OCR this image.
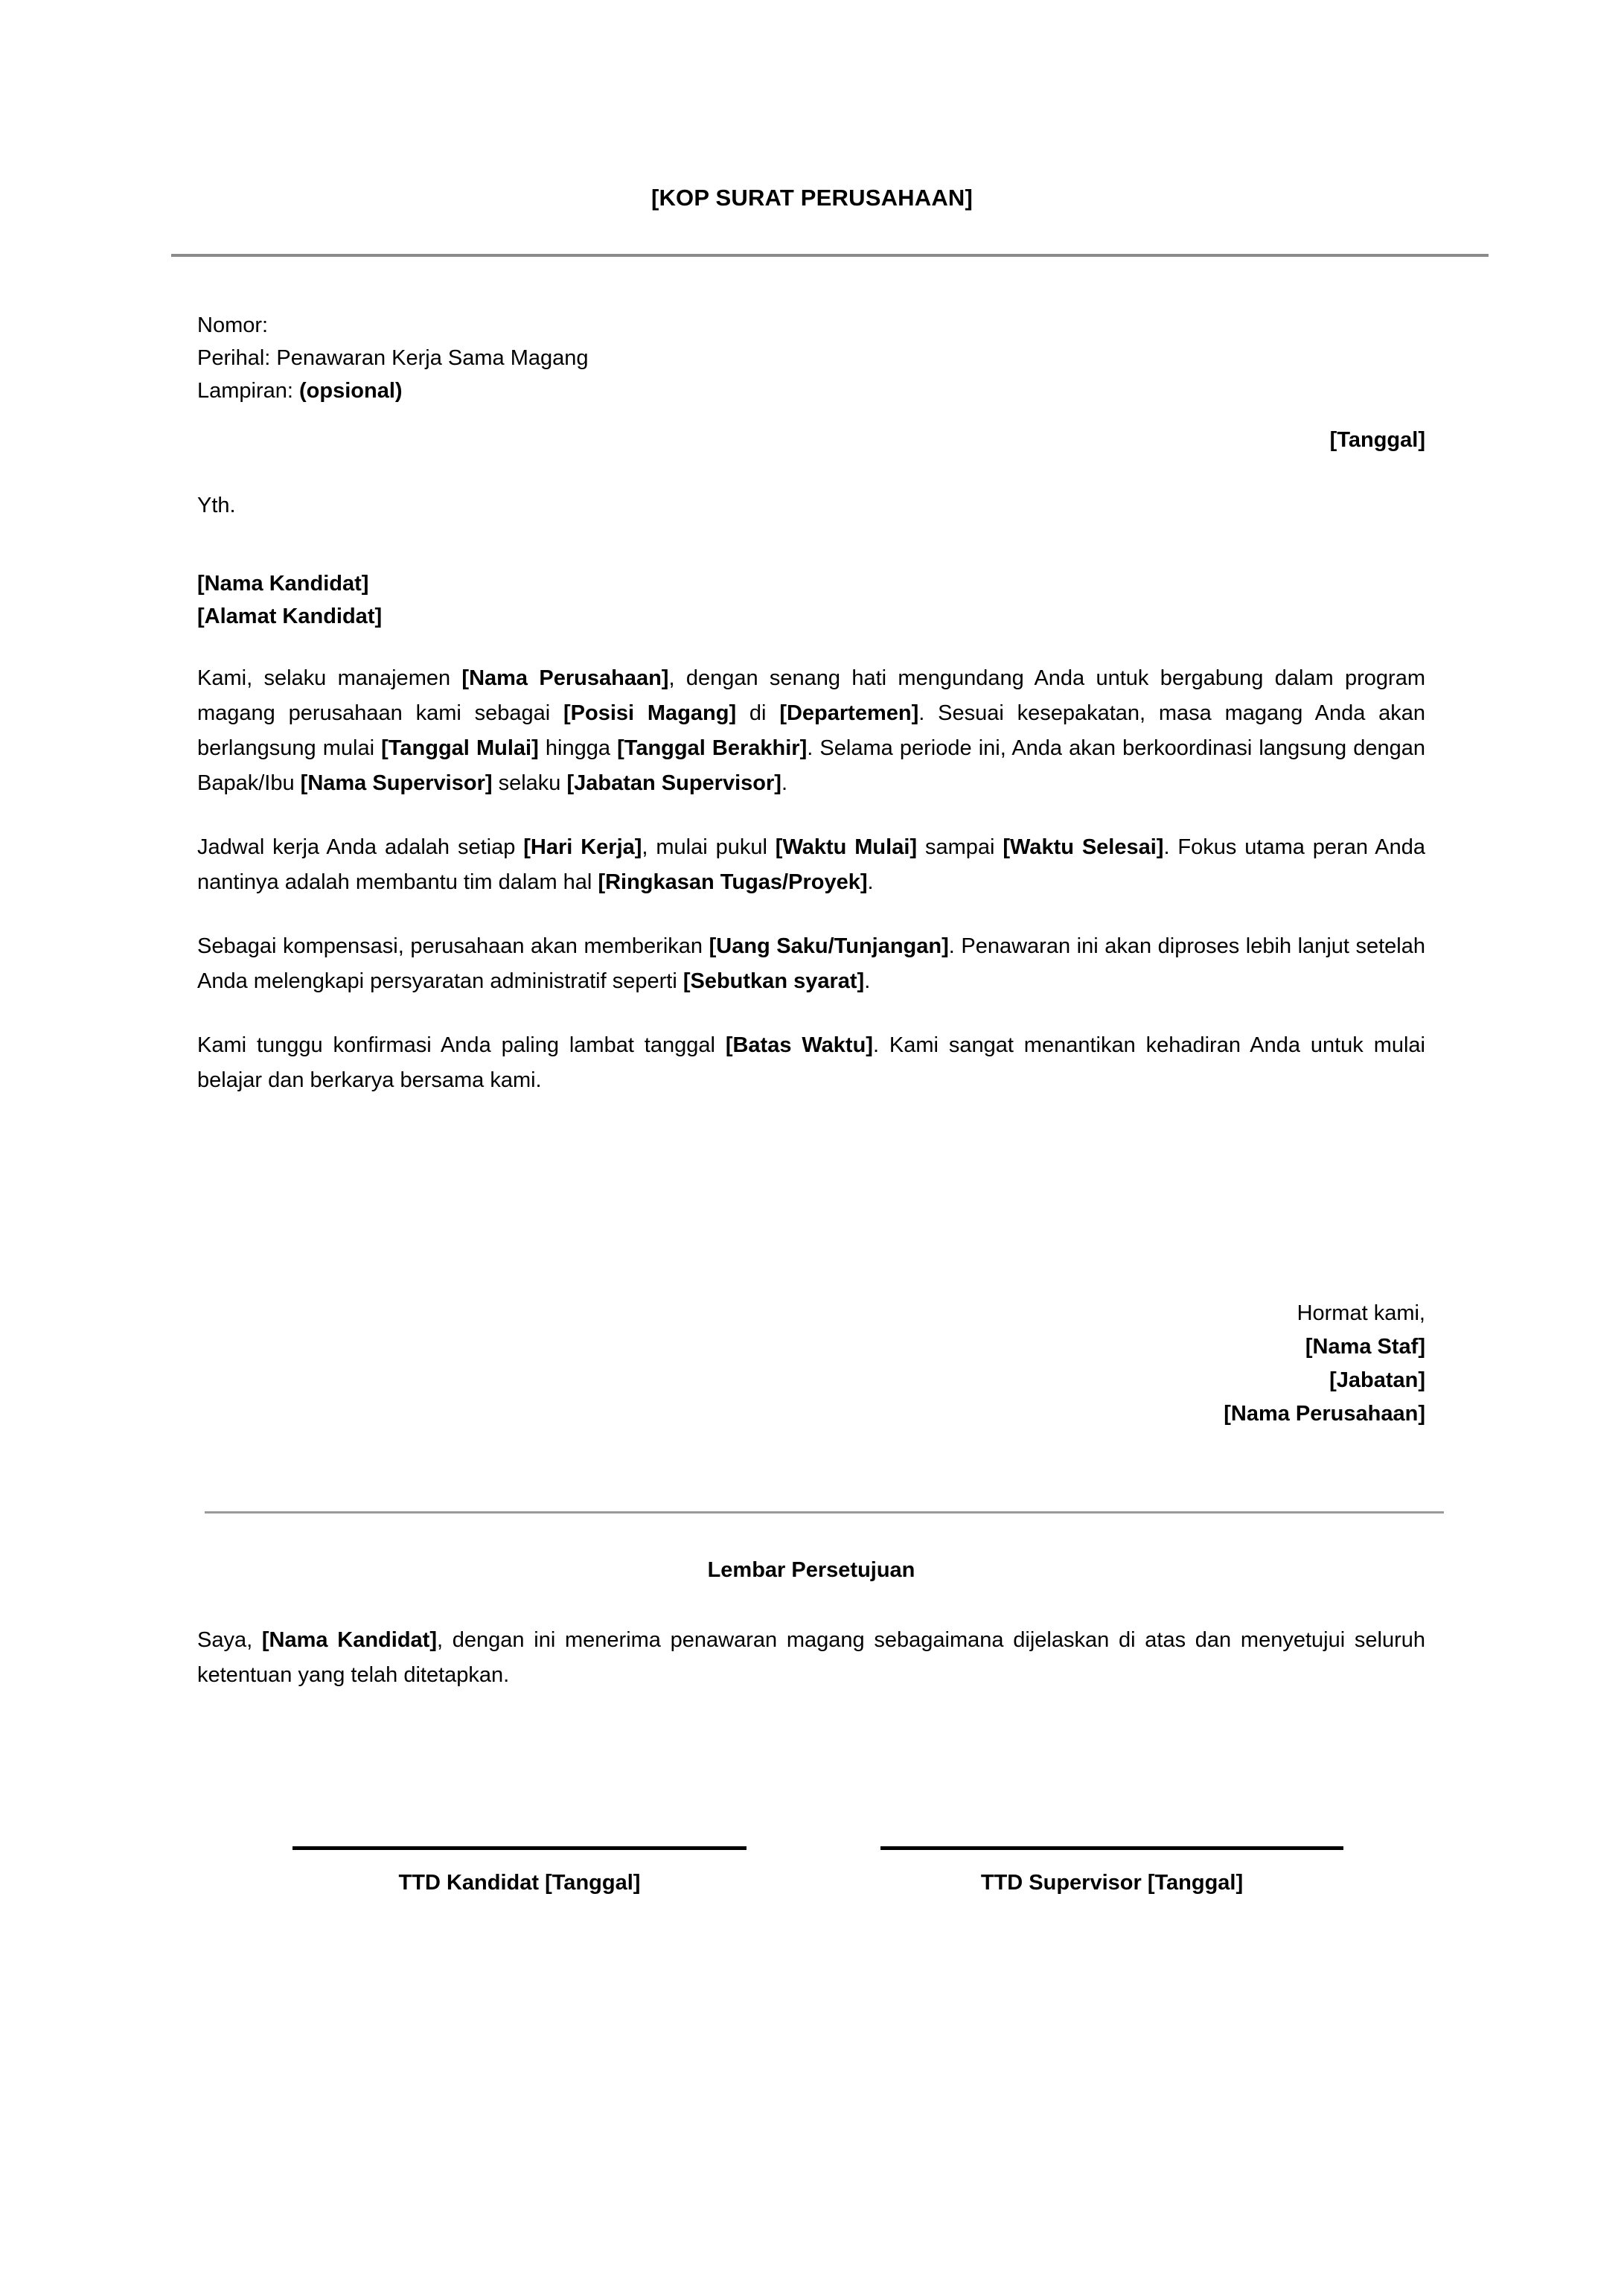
[KOP SURAT PERUSAHAAN]
Nomor:
Perihal: Penawaran Kerja Sama Magang
Lampiran: (opsional)
[Tanggal]
Yth.
[Nama Kandidat]
[Alamat Kandidat]

Kami, selaku manajemen [Nama Perusahaan], dengan senang hati mengundang Anda untuk bergabung dalam program magang perusahaan kami sebagai [Posisi Magang] di [Departemen]. Sesuai kesepakatan, masa magang Anda akan berlangsung mulai [Tanggal Mulai] hingga [Tanggal Berakhir]. Selama periode ini, Anda akan berkoordinasi langsung dengan Bapak/Ibu [Nama Supervisor] selaku [Jabatan Supervisor].

Jadwal kerja Anda adalah setiap [Hari Kerja], mulai pukul [Waktu Mulai] sampai [Waktu Selesai]. Fokus utama peran Anda nantinya adalah membantu tim dalam hal [Ringkasan Tugas/Proyek].

Sebagai kompensasi, perusahaan akan memberikan [Uang Saku/Tunjangan]. Penawaran ini akan diproses lebih lanjut setelah Anda melengkapi persyaratan administratif seperti [Sebutkan syarat].

Kami tunggu konfirmasi Anda paling lambat tanggal [Batas Waktu]. Kami sangat menantikan kehadiran Anda untuk mulai belajar dan berkarya bersama kami.

Hormat kami,
[Nama Staf]
[Jabatan]
[Nama Perusahaan]
Lembar Persetujuan
Saya, [Nama Kandidat], dengan ini menerima penawaran magang sebagaimana dijelaskan di atas dan menyetujui seluruh ketentuan yang telah ditetapkan.
TTD Kandidat [Tanggal]	TTD Supervisor [Tanggal]
